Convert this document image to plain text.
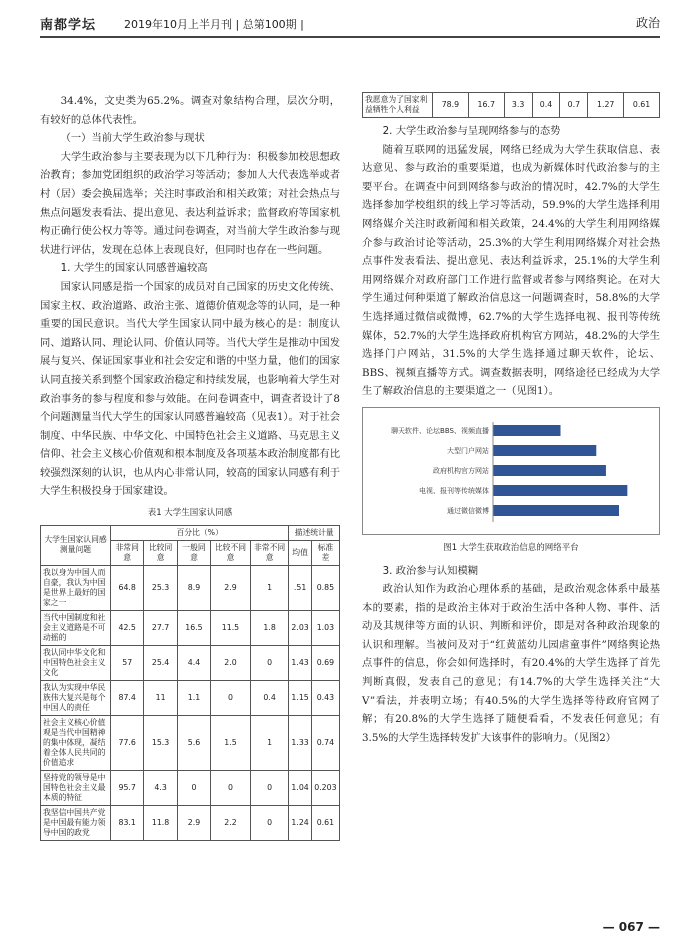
南都学坛	2019年10月上半月刊 | 总第100期 |	政治
34.4%，文史类为65.2%。调查对象结构合理，层次分明，有较好的总体代表性。
（一）当前大学生政治参与现状
大学生政治参与主要表现为以下几种行为：积极参加校思想政治教育；参加党团组织的政治学习等活动；参加人大代表选举或者村（居）委会换届选举；关注时事政治和相关政策；对社会热点与焦点问题发表看法、提出意见、表达利益诉求；监督政府等国家机构正确行使公权力等等。通过问卷调查，对当前大学生政治参与现状进行评估，发现在总体上表现良好，但同时也存在一些问题。
1. 大学生的国家认同感普遍较高
国家认同感是指一个国家的成员对自己国家的历史文化传统、国家主权、政治道路、政治主张、道德价值观念等的认同，是一种重要的国民意识。当代大学生国家认同中最为核心的是：制度认同、道路认同、理论认同、价值认同等。当代大学生是推动中国发展与复兴、保证国家事业和社会安定和谐的中坚力量，他们的国家认同直接关系到整个国家政治稳定和持续发展，也影响着大学生对政治事务的参与程度和参与效能。在问卷调查中，调查者设计了8个问题测量当代大学生的国家认同感普遍较高（见表1）。对于社会制度、中华民族、中华文化、中国特色社会主义道路、马克思主义信仰、社会主义核心价值观和根本制度及各项基本政治制度都有比较强烈深刻的认识，也从内心非常认同，较高的国家认同感有利于大学生积极投身于国家建设。
表1 大学生国家认同感
大学生国家认同感测量问题	百分比（%）					描述统计量	
	非常同意	比较同意	一般同意	比较不同意	非常不同意	均值	标准差
我以身为中国人而自豪，我认为中国是世界上最好的国家之一	64.8	25.3	8.9	2.9	1	.51	0.85
当代中国制度和社会主义道路是不可动摇的	42.5	27.7	16.5	11.5	1.8	2.03	1.03
我认同中华文化和中国特色社会主义文化	57	25.4	4.4	2.0	0	1.43	0.69
我认为实现中华民族伟大复兴是每个中国人的责任	87.4	11	1.1	0	0.4	1.15	0.43
社会主义核心价值观是当代中国精神的集中体现，凝结着全体人民共同的价值追求	77.6	15.3	5.6	1.5	1	1.33	0.74
坚持党的领导是中国特色社会主义最本质的特征	95.7	4.3	0	0	0	1.04	0.203
我坚信中国共产党是中国最有能力领导中国的政党	83.1	11.8	2.9	2.2	0	1.24	0.61
我愿意为了国家利益牺牲个人利益	78.9	16.7	3.3	0.4	0.7	1.27	0.61
2. 大学生政治参与呈现网络参与的态势
随着互联网的迅猛发展，网络已经成为大学生获取信息、表达意见、参与政治的重要渠道，也成为新媒体时代政治参与的主要平台。在调查中问到网络参与政治的情况时，42.7%的大学生选择参加学校组织的线上学习等活动，59.9%的大学生选择利用网络媒介关注时政新闻和相关政策，24.4%的大学生利用网络媒介参与政治讨论等活动，25.3%的大学生利用网络媒介对社会热点事件发表看法、提出意见、表达利益诉求，25.1%的大学生利用网络媒介对政府部门工作进行监督或者参与网络舆论。在对大学生通过何种渠道了解政治信息这一问题调查时，58.8%的大学生选择通过微信或微博，62.7%的大学生选择电视、报刊等传统媒体，52.7%的大学生选择政府机构官方网站，48.2%的大学生选择门户网站，31.5%的大学生选择通过聊天软件，论坛、BBS、视频直播等方式。调查数据表明，网络途径已经成为大学生了解政治信息的主要渠道之一（见图1）。
聊天软件、论坛BBS、视频直播
大型门户网站
政府机构官方网站
电视、报刊等传统媒体
通过微信微博
图1 大学生获取政治信息的网络平台
3. 政治参与认知模糊
政治认知作为政治心理体系的基础，是政治观念体系中最基本的要素，指的是政治主体对于政治生活中各种人物、事件、活动及其规律等方面的认识、判断和评价，即是对各种政治现象的认识和理解。当被问及对于“红黄蓝幼儿园虐童事件”网络舆论热点事件的信息，你会如何选择时，有20.4%的大学生选择了首先判断真假，发表自己的意见；有14.7%的大学生选择关注“大V”看法，并表明立场；有40.5%的大学生选择等待政府官网了解；有20.8%的大学生选择了随便看看，不发表任何意见；有3.5%的大学生选择转发扩大该事件的影响力。（见图2）
— 067 —
